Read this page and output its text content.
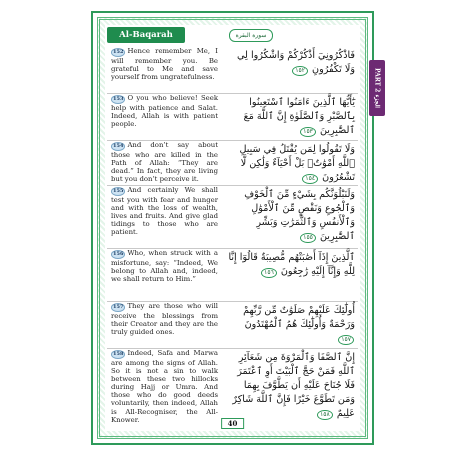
Al-Baqarah	سورة البقرة
152 Hence remember Me, I will remember you. Be grateful to Me and save yourself from ungratefulness.
فَاذْكُرُونِيٓ أَذْكُرْكُمْ وَاشْكُرُوا لِي وَلَا تَكْفُرُونِ ١٥٢
153 O you who believe! Seek help with patience and Salat. Indeed, Allah is with patient people.
يَٰٓأَيُّهَا ٱلَّذِينَ ءَامَنُوا ٱسْتَعِينُوا بِٱلصَّبْرِ وَٱلصَّلَوٰةِ إِنَّ ٱللَّهَ مَعَ ٱلصَّٰبِرِينَ ١٥٣
154 And don’t say about those who are killed in the Path of Allah: “They are dead.” In fact, they are living but you don’t perceive it.
وَلَا تَقُولُوا لِمَن يُقْتَلُ فِي سَبِيلِ ٱللَّهِ أَمْوَٰتٌۢ بَلْ أَحْيَآءٌ وَلَٰكِن لَّا تَشْعُرُونَ ١٥٤
155 And certainly We shall test you with fear and hunger and with the loss of wealth, lives and fruits. And give glad tidings to those who are patient.
وَلَنَبْلُوَنَّكُم بِشَيْءٍ مِّنَ ٱلْخَوْفِ وَٱلْجُوعِ وَنَقْصٍ مِّنَ ٱلْأَمْوَٰلِ وَٱلْأَنفُسِ وَٱلثَّمَرَٰتِ وَبَشِّرِ ٱلصَّٰبِرِينَ ١٥٥
156 Who, when struck with a misfortune, say: “Indeed, We belong to Allah and, indeed, we shall return to Him.”
ٱلَّذِينَ إِذَآ أَصَٰبَتْهُم مُّصِيبَةٌ قَالُوٓا إِنَّا لِلَّهِ وَإِنَّآ إِلَيْهِ رَٰجِعُونَ ١٥٦
157 They are those who will receive the blessings from their Creator and they are the truly guided ones.
أُولَٰٓئِكَ عَلَيْهِمْ صَلَوَٰتٌ مِّن رَّبِّهِمْ وَرَحْمَةٌ وَأُولَٰٓئِكَ هُمُ ٱلْمُهْتَدُونَ ١٥٧
158 Indeed, Safa and Marwa are among the signs of Allah. So it is not a sin to walk between these two hillocks during Hajj or Umra. And those who do good deeds voluntarily, then indeed, Allah is All-Recogniser, the All-Knower.
إِنَّ ٱلصَّفَا وَٱلْمَرْوَةَ مِن شَعَآئِرِ ٱللَّهِ فَمَنْ حَجَّ ٱلْبَيْتَ أَوِ ٱعْتَمَرَ فَلَا جُنَاحَ عَلَيْهِ أَن يَطَّوَّفَ بِهِمَا وَمَن تَطَوَّعَ خَيْرًا فَإِنَّ ٱللَّهَ شَاكِرٌ عَلِيمٌ ١٥٨
40
PART 2 الجزء
